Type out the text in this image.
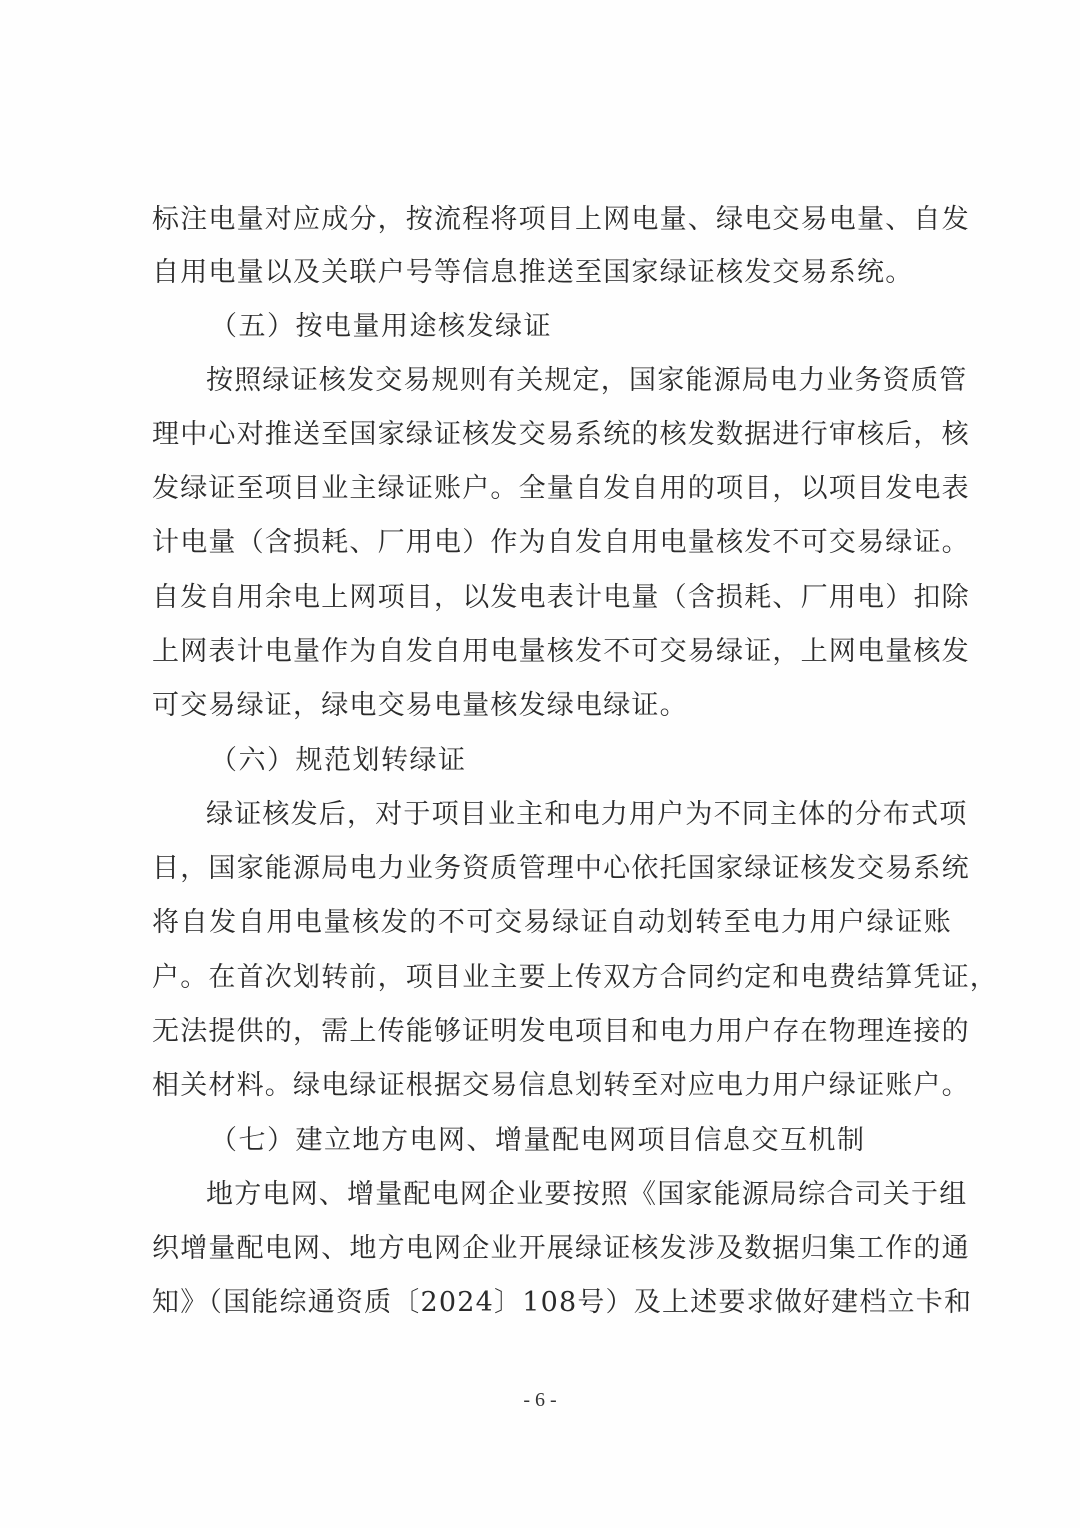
标注电量对应成分，按流程将项目上网电量、绿电交易电量、自发
自用电量以及关联户号等信息推送至国家绿证核发交易系统。
（五）按电量用途核发绿证
按照绿证核发交易规则有关规定，国家能源局电力业务资质管
理中心对推送至国家绿证核发交易系统的核发数据进行审核后，核
发绿证至项目业主绿证账户。全量自发自用的项目，以项目发电表
计电量（含损耗、厂用电）作为自发自用电量核发不可交易绿证。
自发自用余电上网项目，以发电表计电量（含损耗、厂用电）扣除
上网表计电量作为自发自用电量核发不可交易绿证，上网电量核发
可交易绿证，绿电交易电量核发绿电绿证。
（六）规范划转绿证
绿证核发后，对于项目业主和电力用户为不同主体的分布式项
目，国家能源局电力业务资质管理中心依托国家绿证核发交易系统
将自发自用电量核发的不可交易绿证自动划转至电力用户绿证账
户。在首次划转前，项目业主要上传双方合同约定和电费结算凭证，
无法提供的，需上传能够证明发电项目和电力用户存在物理连接的
相关材料。绿电绿证根据交易信息划转至对应电力用户绿证账户。
（七）建立地方电网、增量配电网项目信息交互机制
地方电网、增量配电网企业要按照《国家能源局综合司关于组
织增量配电网、地方电网企业开展绿证核发涉及数据归集工作的通
知》（国能综通资质〔2024〕108号）及上述要求做好建档立卡和
- 6 -
